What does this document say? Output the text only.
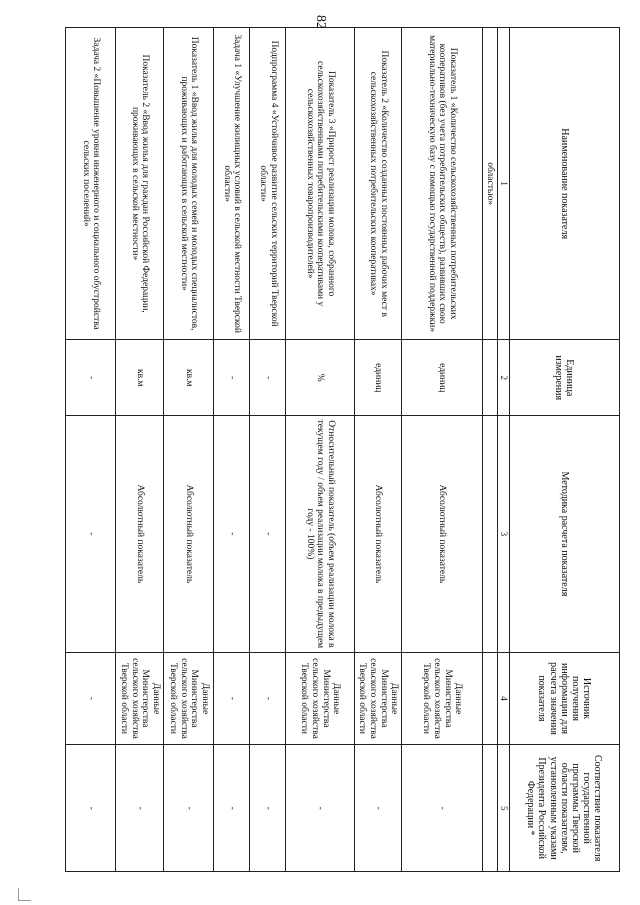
82
Наименование показателя	Единица измерения	Методика расчета показателя	Источник получения информации для расчета значения показателя	Соответствие показателя государственной программы Тверской области показателям, установленным указами Президента Российской Федерации *
1	2	3	4	5
областью»				
Показатель 1 «Количество сельскохозяйственных потребительских кооперативов (без учета потребительских обществ), развивших свою материально-техническую базу с помощью государственной поддержки»	единиц	Абсолютный показатель	Данные Министерства сельского хозяйства Тверской области	-
Показатель 2 «Количество созданных постоянных рабочих мест в сельскохозяйственных потребительских кооперативах»	единиц	Абсолютный показатель	Данные Министерства сельского хозяйства Тверской области	-
Показатель 3 «Прирост реализации молока, собранного сельскохозяйственными потребительскими кооперативами у сельскохозяйственных товаропроизводителей»	%	Относительный показатель (объем реализации молока в текущем году / объем реализации молока в предыдущем году - 100%)	Данные Министерства сельского хозяйства Тверской области	-
Подпрограмма 4 «Устойчивое развитие сельских территорий Тверской области»	-	-	-	-
Задача 1 «Улучшение жилищных условий в сельской местности Тверской области»	-	-	-	-
Показатель 1 «Ввод жилья для молодых семей и молодых специалистов, проживающих и работающих в сельской местности»	кв.м	Абсолютный показатель	Данные Министерства сельского хозяйства Тверской области	-
Показатель 2 «Ввод жилья для граждан Российской Федерации, проживающих в сельской местности»	кв.м	Абсолютный показатель	Данные Министерства сельского хозяйства Тверской области	-
Задача 2 «Повышение уровня инженерного и социального обустройства сельских поселений»	-	-	-	-
